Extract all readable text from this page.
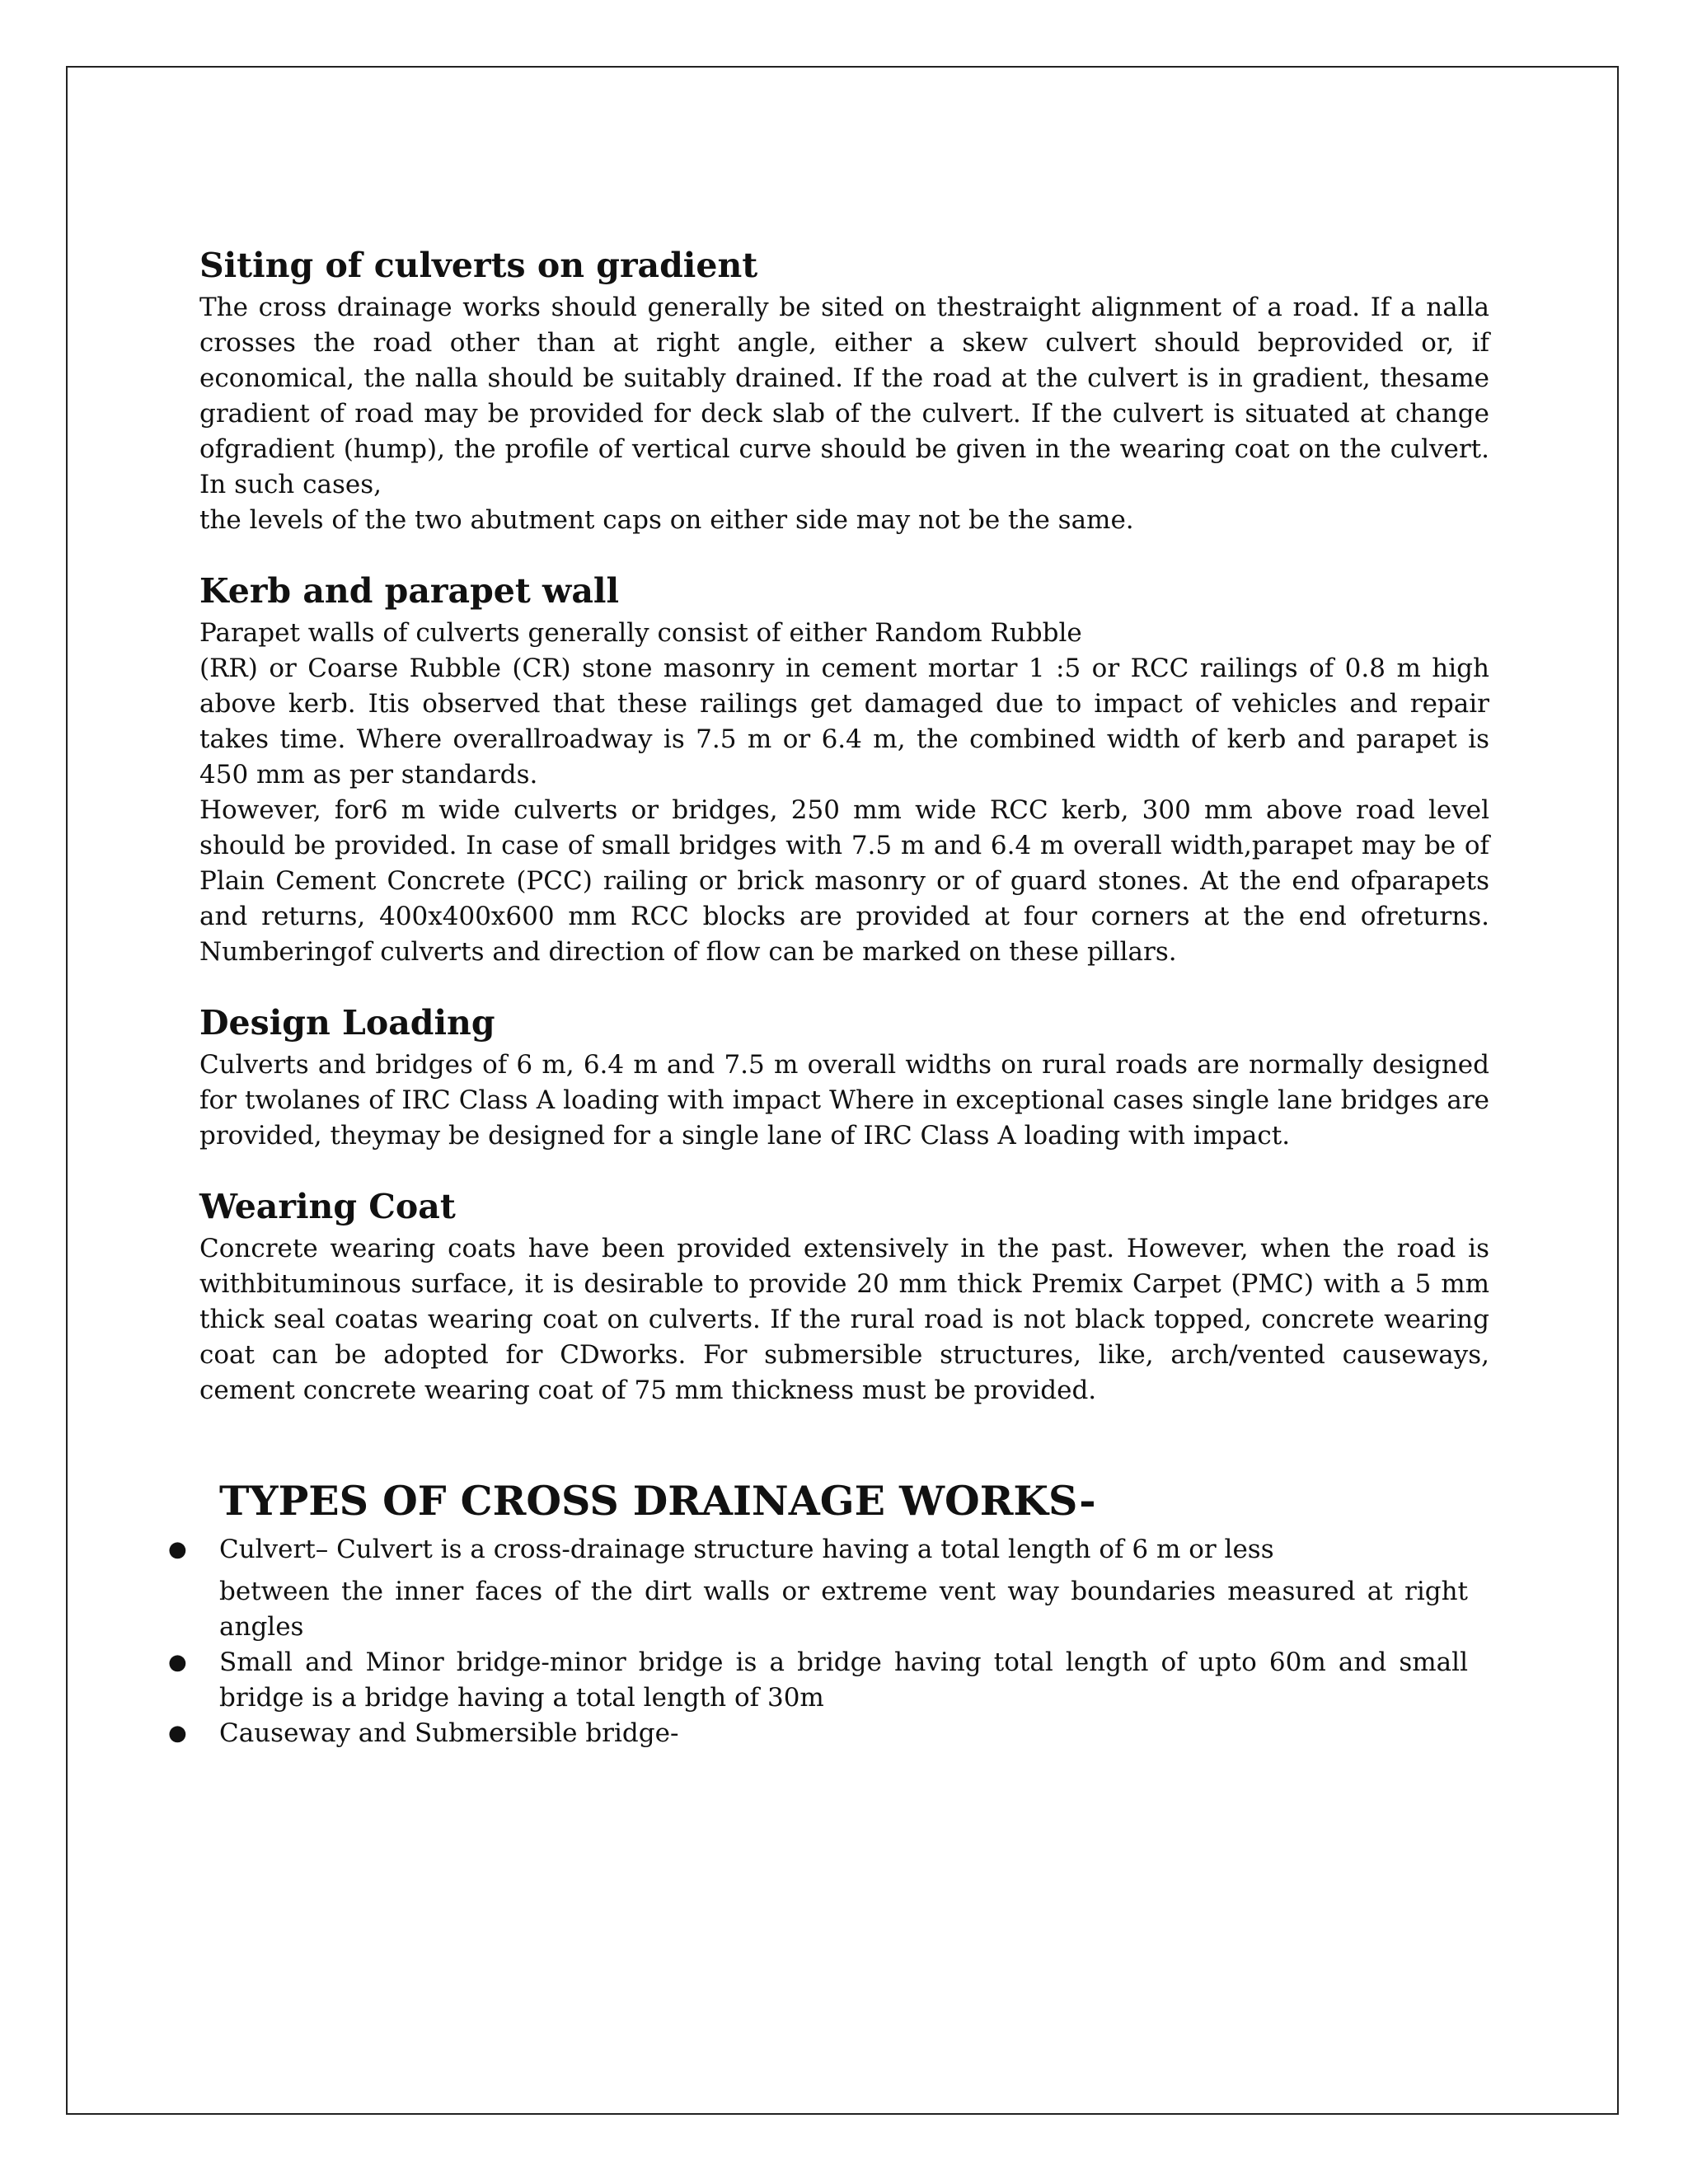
Siting of culverts on gradient

The cross drainage works should generally be sited on thestraight alignment of a road. If a nalla crosses the road other than at right angle, either a skew culvert should beprovided or, if economical, the nalla should be suitably drained. If the road at the culvert is in gradient, thesame gradient of road may be provided for deck slab of the culvert. If the culvert is situated at change ofgradient (hump), the profile of vertical curve should be given in the wearing coat on the culvert. In such cases,

the levels of the two abutment caps on either side may not be the same.

Kerb and parapet wall

Parapet walls of culverts generally consist of either Random Rubble

(RR) or Coarse Rubble (CR) stone masonry in cement mortar 1 :5 or RCC railings of 0.8 m high above kerb. Itis observed that these railings get damaged due to impact of vehicles and repair takes time. Where overallroadway is 7.5 m or 6.4 m, the combined width of kerb and parapet is 450 mm as per standards.

However, for6 m wide culverts or bridges, 250 mm wide RCC kerb, 300 mm above road level should be provided. In case of small bridges with 7.5 m and 6.4 m overall width,parapet may be of Plain Cement Concrete (PCC) railing or brick masonry or of guard stones. At the end ofparapets and returns, 400x400x600 mm RCC blocks are provided at four corners at the end ofreturns. Numberingof culverts and direction of flow can be marked on these pillars.

Design Loading

Culverts and bridges of 6 m, 6.4 m and 7.5 m overall widths on rural roads are normally designed for twolanes of IRC Class A loading with impact Where in exceptional cases single lane bridges are provided, theymay be designed for a single lane of IRC Class A loading with impact.

Wearing Coat

Concrete wearing coats have been provided extensively in the past. However, when the road is withbituminous surface, it is desirable to provide 20 mm thick Premix Carpet (PMC) with a 5 mm thick seal coatas wearing coat on culverts. If the rural road is not black topped, concrete wearing coat can be adopted for CDworks. For submersible structures, like, arch/vented causeways, cement concrete wearing coat of 75 mm thickness must be provided.

TYPES OF CROSS DRAINAGE WORKS-
● Culvert– Culvert is a cross-drainage structure having a total length of 6 m or less
between the inner faces of the dirt walls or extreme vent way boundaries measured at right angles
● Small and Minor bridge-minor bridge is a bridge having total length of upto 60m and small bridge is a bridge having a total length of 30m
● Causeway and Submersible bridge-
